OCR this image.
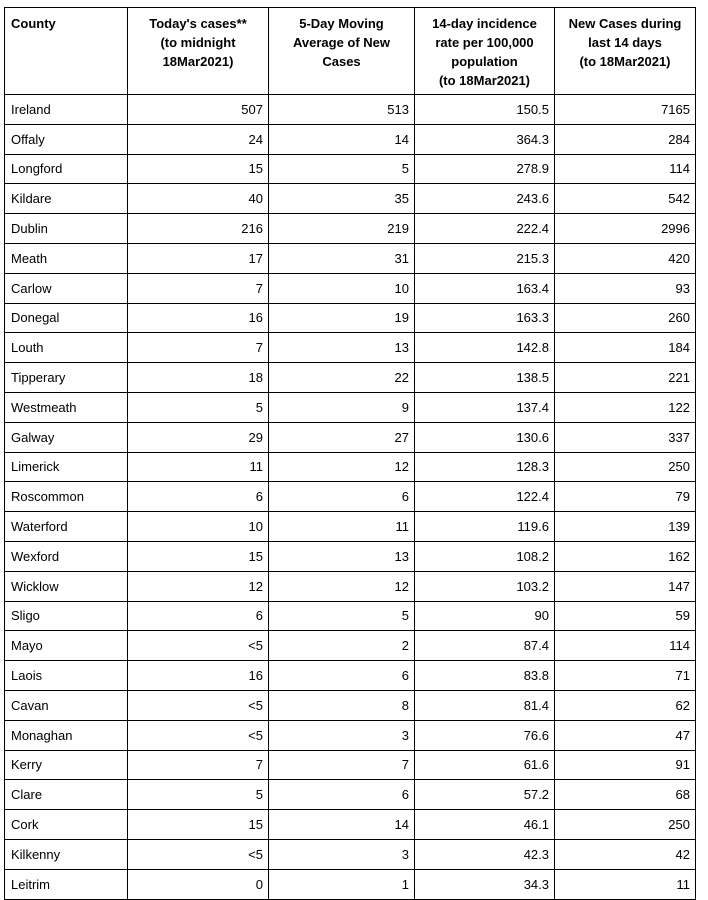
County	Today's cases**
(to midnight
18Mar2021)	5-Day Moving
Average of New
Cases	14-day incidence
rate per 100,000
population
(to 18Mar2021)	New Cases during
last 14 days
(to 18Mar2021)
Ireland	507	513	150.5	7165
Offaly	24	14	364.3	284
Longford	15	5	278.9	114
Kildare	40	35	243.6	542
Dublin	216	219	222.4	2996
Meath	17	31	215.3	420
Carlow	7	10	163.4	93
Donegal	16	19	163.3	260
Louth	7	13	142.8	184
Tipperary	18	22	138.5	221
Westmeath	5	9	137.4	122
Galway	29	27	130.6	337
Limerick	11	12	128.3	250
Roscommon	6	6	122.4	79
Waterford	10	11	119.6	139
Wexford	15	13	108.2	162
Wicklow	12	12	103.2	147
Sligo	6	5	90	59
Mayo	<5	2	87.4	114
Laois	16	6	83.8	71
Cavan	<5	8	81.4	62
Monaghan	<5	3	76.6	47
Kerry	7	7	61.6	91
Clare	5	6	57.2	68
Cork	15	14	46.1	250
Kilkenny	<5	3	42.3	42
Leitrim	0	1	34.3	11
